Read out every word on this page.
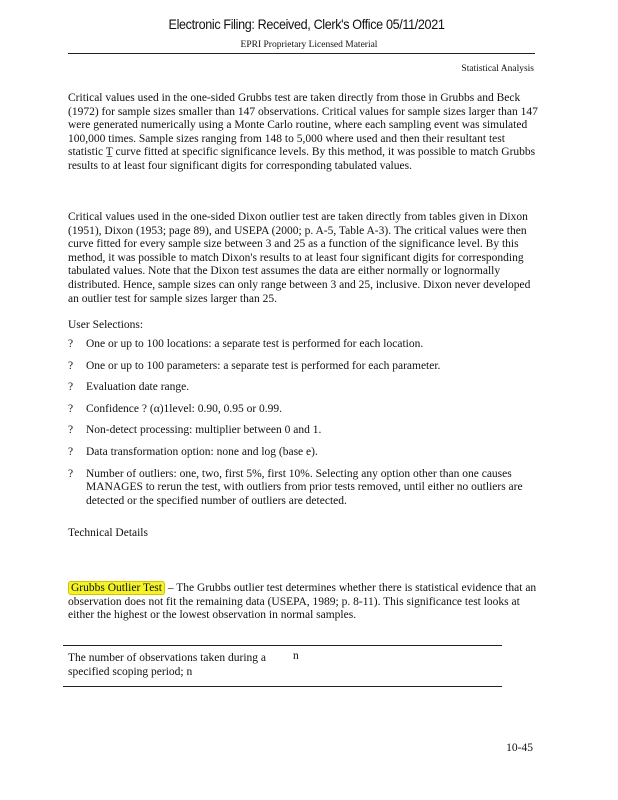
Electronic Filing: Received, Clerk's Office 05/11/2021
EPRI Proprietary Licensed Material
Statistical Analysis
Critical values used in the one-sided Grubbs test are taken directly from those in Grubbs and Beck (1972) for sample sizes smaller than 147 observations. Critical values for sample sizes larger than 147 were generated numerically using a Monte Carlo routine, where each sampling event was simulated 100,000 times. Sample sizes ranging from 148 to 5,000 where used and then their resultant test statistic T̲ curve fitted at specific significance levels. By this method, it was possible to match Grubbs results to at least four significant digits for corresponding tabulated values.
Critical values used in the one-sided Dixon outlier test are taken directly from tables given in Dixon (1951), Dixon (1953; page 89), and USEPA (2000; p. A-5, Table A-3). The critical values were then curve fitted for every sample size between 3 and 25 as a function of the significance level. By this method, it was possible to match Dixon's results to at least four significant digits for corresponding tabulated values. Note that the Dixon test assumes the data are either normally or lognormally distributed. Hence, sample sizes can only range between 3 and 25, inclusive. Dixon never developed an outlier test for sample sizes larger than 25.
User Selections:
? One or up to 100 locations: a separate test is performed for each location.
? One or up to 100 parameters: a separate test is performed for each parameter.
? Evaluation date range.
? Confidence ? (α)1level: 0.90, 0.95 or 0.99.
? Non-detect processing: multiplier between 0 and 1.
? Data transformation option: none and log (base e).
? Number of outliers: one, two, first 5%, first 10%. Selecting any option other than one causes MANAGES to rerun the test, with outliers from prior tests removed, until either no outliers are detected or the specified number of outliers are detected.
Technical Details
Grubbs Outlier Test – The Grubbs outlier test determines whether there is statistical evidence that an observation does not fit the remaining data (USEPA, 1989; p. 8-11). This significance test looks at either the highest or the lowest observation in normal samples.
The number of observations taken during a specified scoping period; n
n
10-45
